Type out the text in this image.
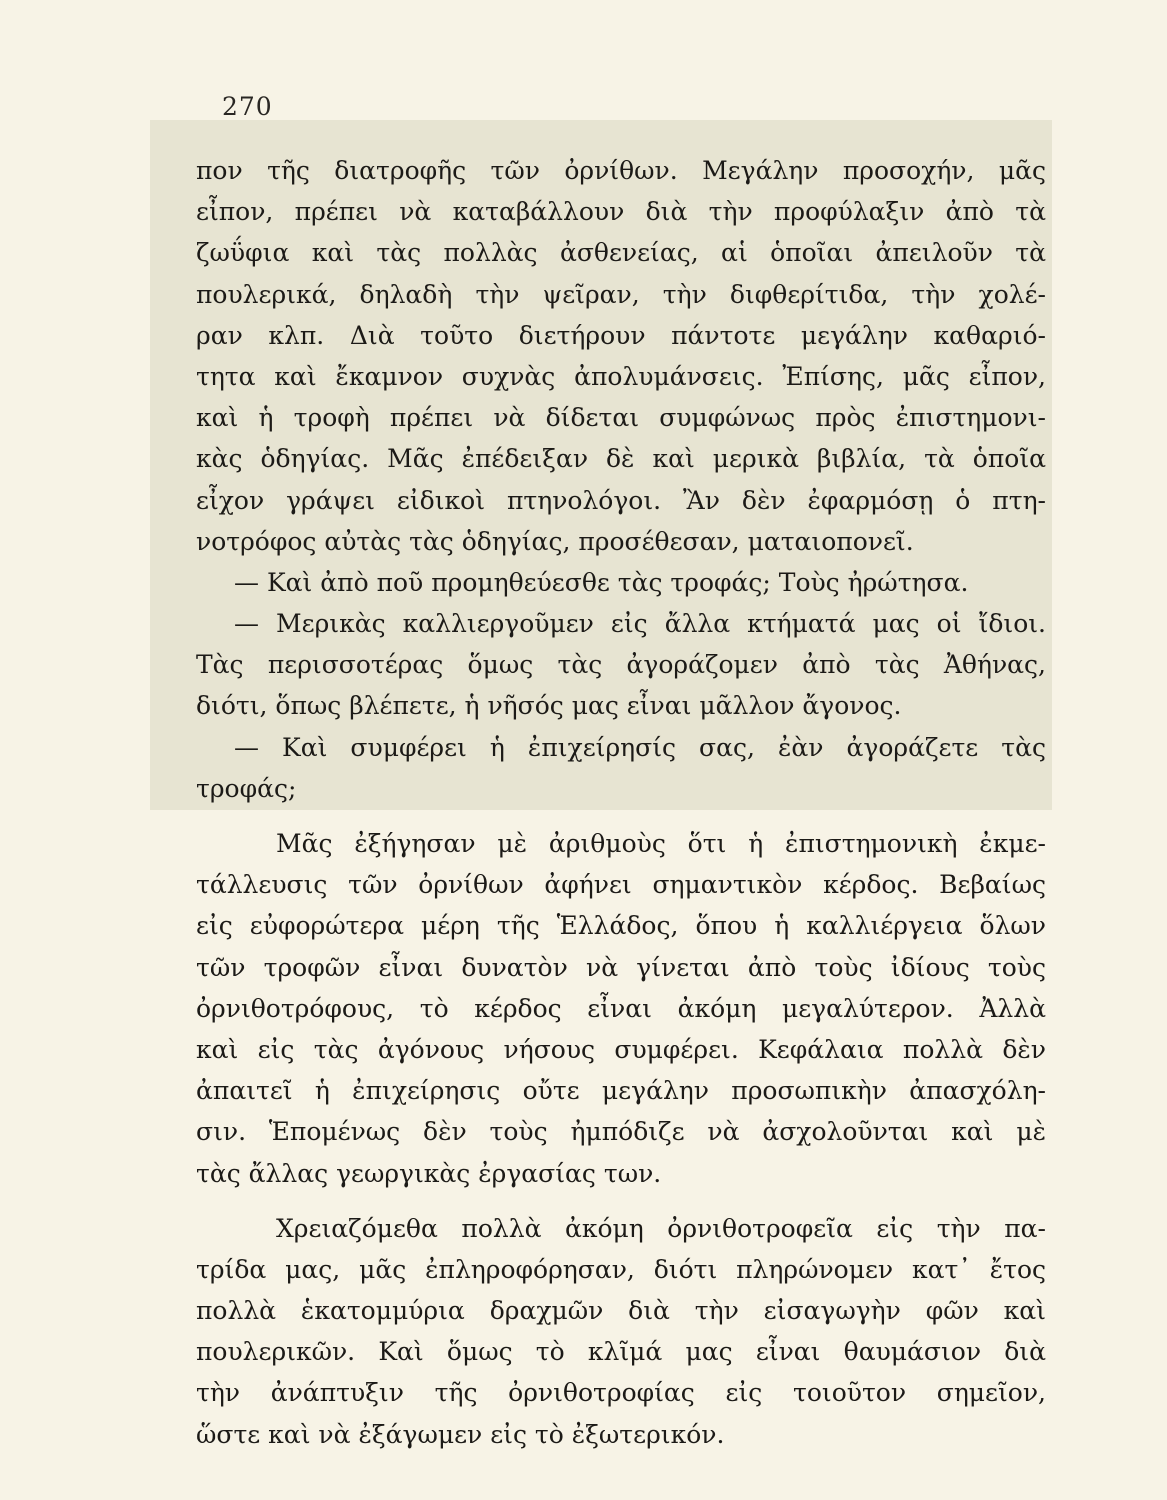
270
πον τῆς διατροφῆς τῶν ὀρνίθων. Μεγάλην προσοχήν, μᾶς
εἶπον, πρέπει νὰ καταβάλλουν διὰ τὴν προφύλαξιν ἀπὸ τὰ
ζωΰφια καὶ τὰς πολλὰς ἀσθενείας, αἱ ὁποῖαι ἀπειλοῦν τὰ
πουλερικά, δηλαδὴ τὴν ψεῖραν, τὴν διφθερίτιδα, τὴν χολέ-
ραν κλπ. Διὰ τοῦτο διετήρουν πάντοτε μεγάλην καθαριό-
τητα καὶ ἔκαμνον συχνὰς ἀπολυμάνσεις. Ἐπίσης, μᾶς εἶπον,
καὶ ἡ τροφὴ πρέπει νὰ δίδεται συμφώνως πρὸς ἐπιστημονι-
κὰς ὁδηγίας. Μᾶς ἐπέδειξαν δὲ καὶ μερικὰ βιβλία, τὰ ὁποῖα
εἶχον γράψει εἰδικοὶ πτηνολόγοι. Ἂν δὲν ἐφαρμόσῃ ὁ πτη-
νοτρόφος αὐτὰς τὰς ὁδηγίας, προσέθεσαν, ματαιοπονεῖ.
— Καὶ ἀπὸ ποῦ προμηθεύεσθε τὰς τροφάς; Τοὺς ἠρώτησα.
— Μερικὰς καλλιεργοῦμεν εἰς ἄλλα κτήματά μας οἱ ἴδιοι.
Τὰς περισσοτέρας ὅμως τὰς ἀγοράζομεν ἀπὸ τὰς Ἀθήνας,
διότι, ὅπως βλέπετε, ἡ νῆσός μας εἶναι μᾶλλον ἄγονος.
— Καὶ συμφέρει ἡ ἐπιχείρησίς σας, ἐὰν ἀγοράζετε τὰς
τροφάς;
Μᾶς ἐξήγησαν μὲ ἀριθμοὺς ὅτι ἡ ἐπιστημονικὴ ἐκμε-
τάλλευσις τῶν ὀρνίθων ἀφήνει σημαντικὸν κέρδος. Βεβαίως
εἰς εὐφορώτερα μέρη τῆς Ἑλλάδος, ὅπου ἡ καλλιέργεια ὅλων
τῶν τροφῶν εἶναι δυνατὸν νὰ γίνεται ἀπὸ τοὺς ἰδίους τοὺς
ὀρνιθοτρόφους, τὸ κέρδος εἶναι ἀκόμη μεγαλύτερον. Ἀλλὰ
καὶ εἰς τὰς ἀγόνους νήσους συμφέρει. Κεφάλαια πολλὰ δὲν
ἀπαιτεῖ ἡ ἐπιχείρησις οὔτε μεγάλην προσωπικὴν ἀπασχόλη-
σιν. Ἑπομένως δὲν τοὺς ἠμπόδιζε νὰ ἀσχολοῦνται καὶ μὲ
τὰς ἄλλας γεωργικὰς ἐργασίας των.
Χρειαζόμεθα πολλὰ ἀκόμη ὀρνιθοτροφεῖα εἰς τὴν πα-
τρίδα μας, μᾶς ἐπληροφόρησαν, διότι πληρώνομεν κατ᾽ ἔτος
πολλὰ ἑκατομμύρια δραχμῶν διὰ τὴν εἰσαγωγὴν φῶν καὶ
πουλερικῶν. Καὶ ὅμως τὸ κλῖμά μας εἶναι θαυμάσιον διὰ
τὴν ἀνάπτυξιν τῆς ὀρνιθοτροφίας εἰς τοιοῦτον σημεῖον,
ὥστε καὶ νὰ ἐξάγωμεν εἰς τὸ ἐξωτερικόν.
